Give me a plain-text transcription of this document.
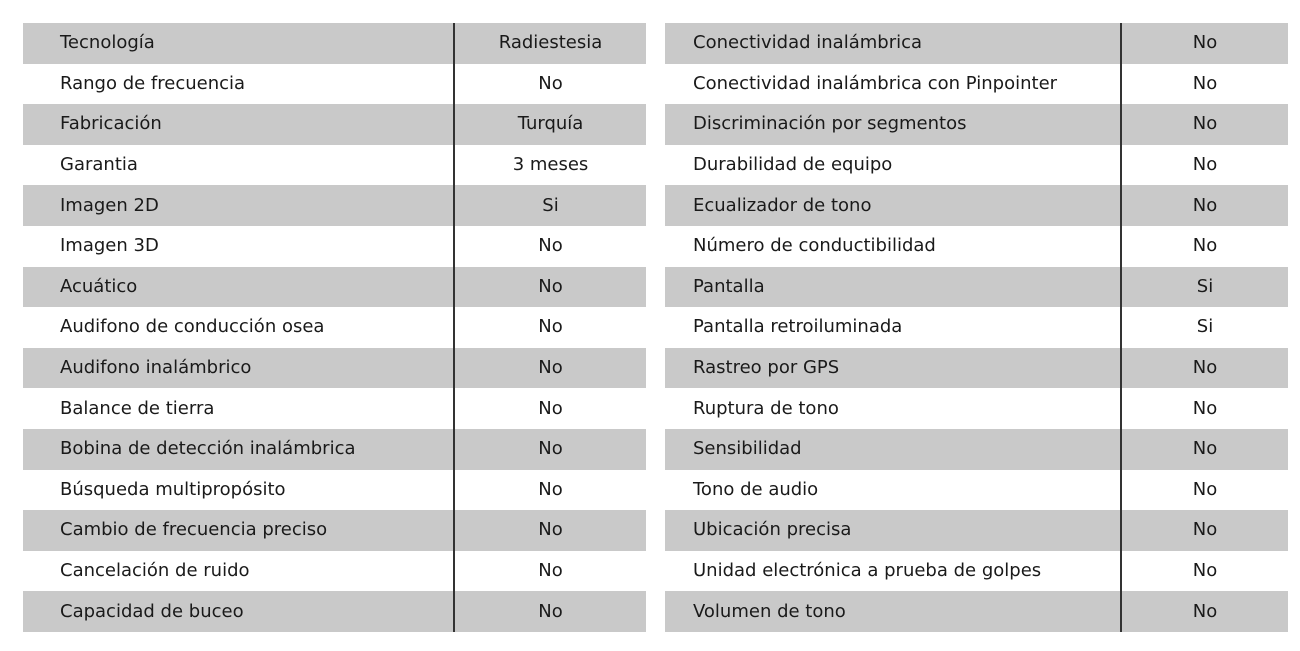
Tecnología	Radiestesia
Rango de frecuencia	No
Fabricación	Turquía
Garantia	3 meses
Imagen 2D	Si
Imagen 3D	No
Acuático	No
Audifono de conducción osea	No
Audifono inalámbrico	No
Balance de tierra	No
Bobina de detección inalámbrica	No
Búsqueda multipropósito	No
Cambio de frecuencia preciso	No
Cancelación de ruido	No
Capacidad de buceo	No
Conectividad inalámbrica	No
Conectividad inalámbrica con Pinpointer	No
Discriminación por segmentos	No
Durabilidad de equipo	No
Ecualizador de tono	No
Número de conductibilidad	No
Pantalla	Si
Pantalla retroiluminada	Si
Rastreo por GPS	No
Ruptura de tono	No
Sensibilidad	No
Tono de audio	No
Ubicación precisa	No
Unidad electrónica a prueba de golpes	No
Volumen de tono	No
